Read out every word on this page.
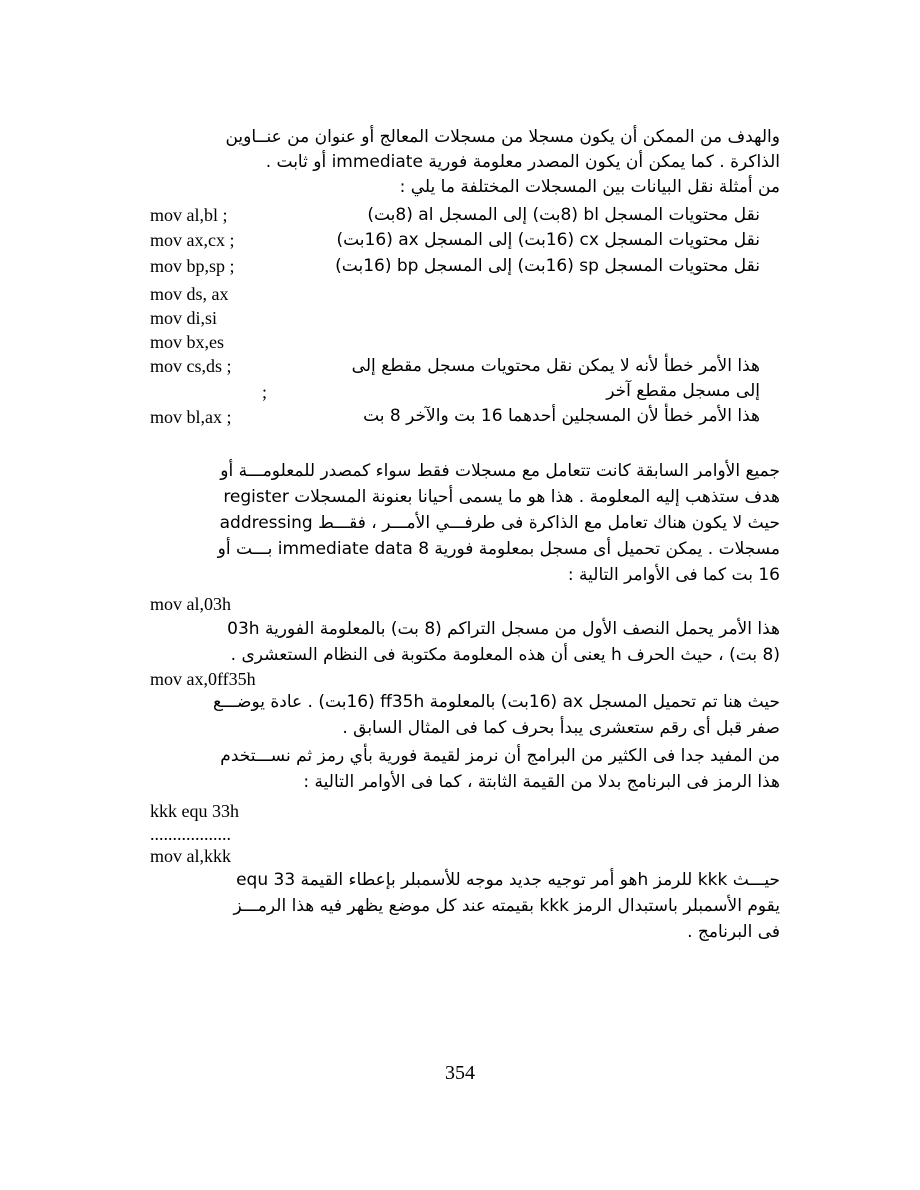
والهدف من الممكن أن يكون مسجلا من مسجلات المعالج أو عنوان من عنــاوين
الذاكرة . كما يمكن أن يكون المصدر معلومة فورية immediate أو ثابت .
من أمثلة نقل البيانات بين المسجلات المختلفة ما يلي :
mov al,bl ;	نقل محتويات المسجل bl (8بت) إلى المسجل al (8بت)
mov ax,cx ;	نقل محتويات المسجل cx (16بت) إلى المسجل ax (16بت)
mov bp,sp ;	نقل محتويات المسجل sp (16بت) إلى المسجل bp (16بت)
mov ds, ax
mov di,si
mov bx,es
mov cs,ds ;	هذا الأمر خطأ لأنه لا يمكن نقل محتويات مسجل مقطع إلى
;	إلى مسجل مقطع آخر
mov bl,ax ;	هذا الأمر خطأ لأن المسجلين أحدهما 16 بت والآخر 8 بت
جميع الأوامر السابقة كانت تتعامل مع مسجلات فقط سواء كمصدر للمعلومـــة أو
هدف ستذهب إليه المعلومة . هذا هو ما يسمى أحيانا بعنونة المسجلات register
addressing حيث لا يكون هناك تعامل مع الذاكرة فى طرفـــي الأمـــر ، فقـــط
مسجلات . يمكن تحميل أى مسجل بمعلومة فورية immediate data 8 بـــت أو
16 بت كما فى الأوامر التالية :
mov al,03h
هذا الأمر يحمل النصف الأول من مسجل التراكم (8 بت) بالمعلومة الفورية 03h
(8 بت) ، حيث الحرف h يعنى أن هذه المعلومة مكتوبة فى النظام الستعشرى .
mov ax,0ff35h
حيث هنا تم تحميل المسجل ax (16بت) بالمعلومة ff35h (16بت) . عادة يوضـــع
صفر قبل أى رقم ستعشرى يبدأ بحرف كما فى المثال السابق .
من المفيد جدا فى الكثير من البرامج أن نرمز لقيمة فورية بأي رمز ثم نســـتخدم
هذا الرمز فى البرنامج بدلا من القيمة الثابتة ، كما فى الأوامر التالية :
kkk equ 33h
..................
mov al,kkk
equ هو أمر توجيه جديد موجه للأسمبلر بإعطاء القيمة 33h للرمز kkk حيـــث
يقوم الأسمبلر باستبدال الرمز kkk بقيمته عند كل موضع يظهر فيه هذا الرمـــز
فى البرنامج .
354
